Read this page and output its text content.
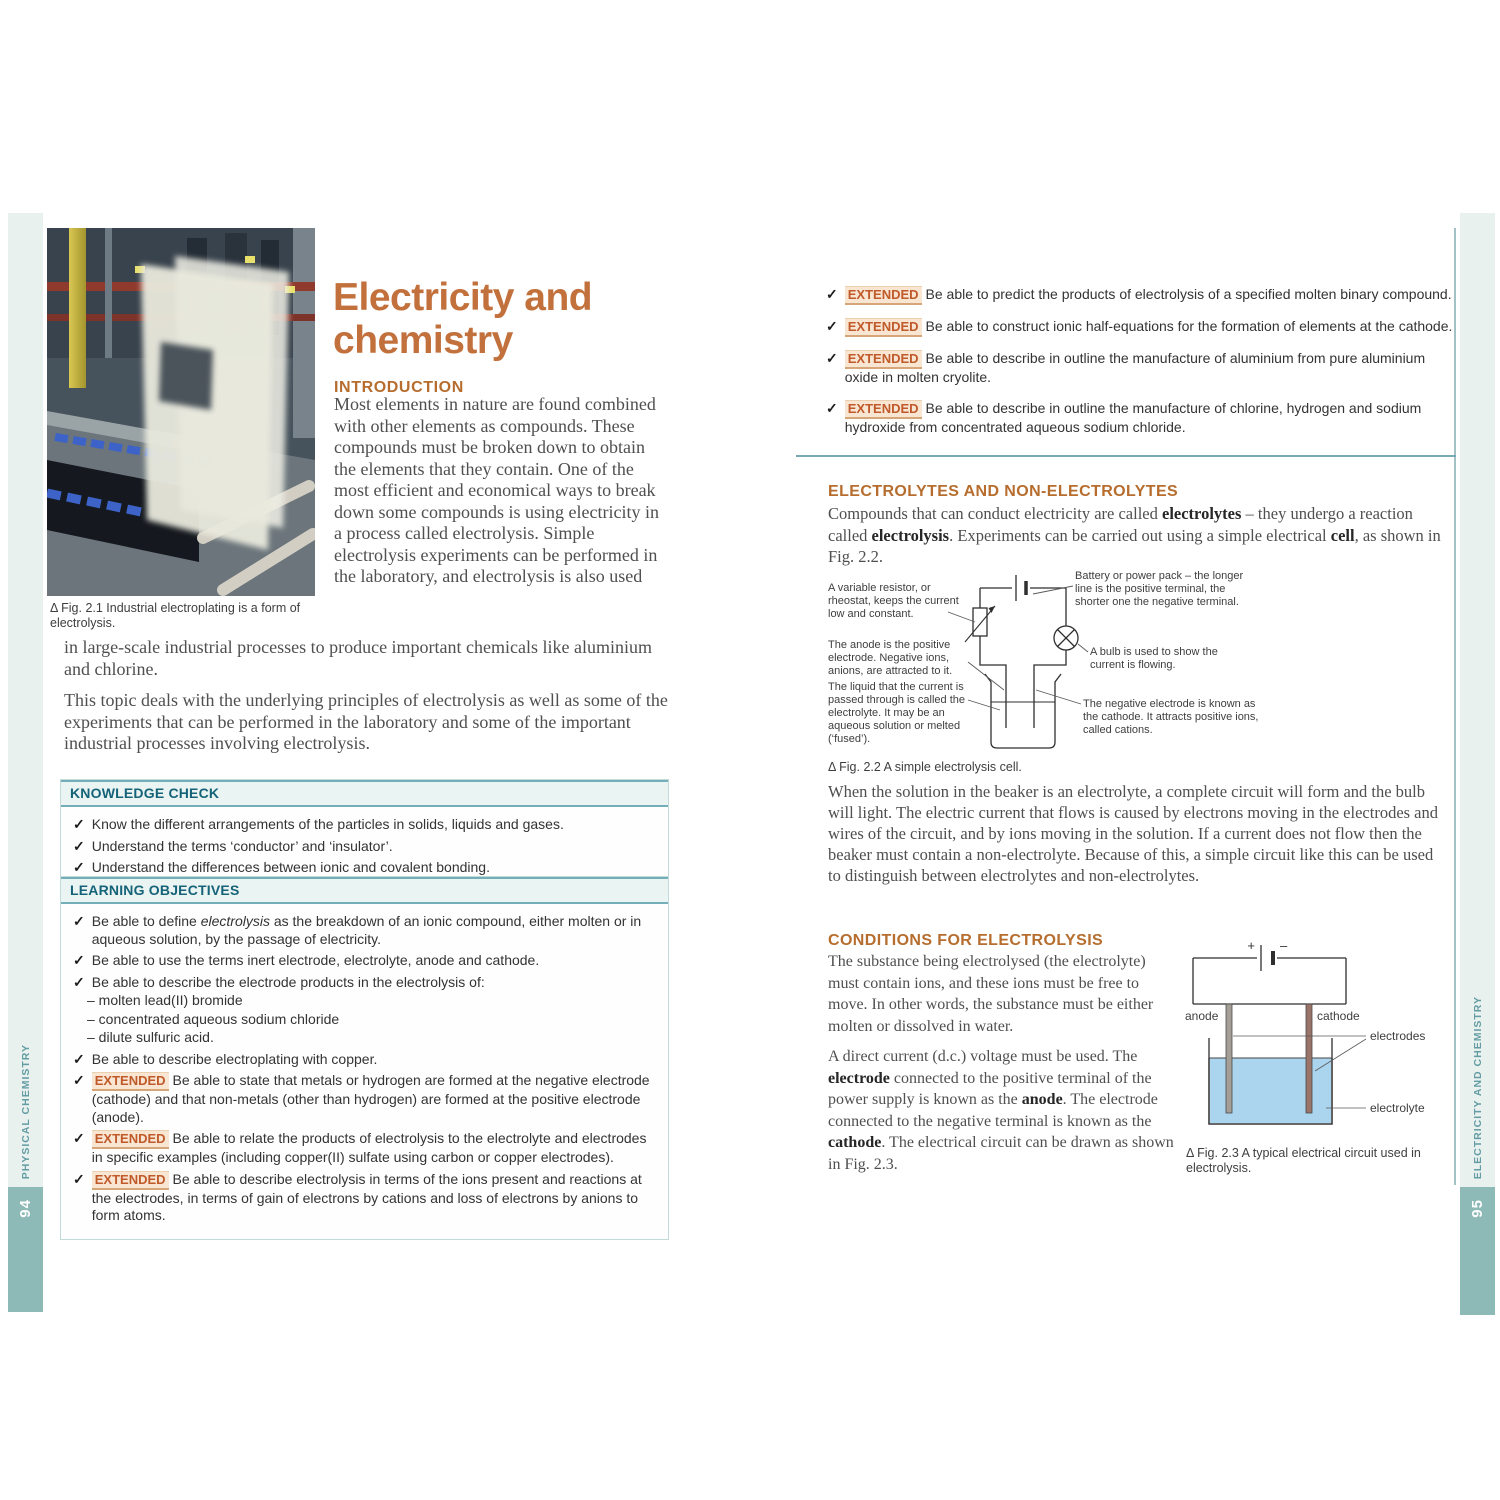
PHYSICAL CHEMISTRY
94
ELECTRICITY AND CHEMISTRY
95
Δ Fig. 2.1 Industrial electroplating is a form of electrolysis.
Electricity and chemistry
INTRODUCTION

Most elements in nature are found combined with other elements as compounds. These compounds must be broken down to obtain the elements that they contain. One of the most efficient and economical ways to break down some compounds is using electricity in a process called electrolysis. Simple electrolysis experiments can be performed in the laboratory, and electrolysis is also used

in large-scale industrial processes to produce important chemicals like aluminium and chlorine.

This topic deals with the underlying principles of electrolysis as well as some of the experiments that can be performed in the laboratory and some of the important industrial processes involving electrolysis.

KNOWLEDGE CHECK
✓ Know the different arrangements of the particles in solids, liquids and gases.
✓ Understand the terms ‘conductor’ and ‘insulator’.
✓ Understand the differences between ionic and covalent bonding.
LEARNING OBJECTIVES
✓ Be able to define electrolysis as the breakdown of an ionic compound, either molten or in aqueous solution, by the passage of electricity.
✓ Be able to use the terms inert electrode, electrolyte, anode and cathode.
✓ Be able to describe the electrode products in the electrolysis of:
– molten lead(II) bromide
– concentrated aqueous sodium chloride
– dilute sulfuric acid.
✓ Be able to describe electroplating with copper.
✓ EXTENDED Be able to state that metals or hydrogen are formed at the negative electrode (cathode) and that non-metals (other than hydrogen) are formed at the positive electrode (anode).
✓ EXTENDED Be able to relate the products of electrolysis to the electrolyte and electrodes in specific examples (including copper(II) sulfate using carbon or copper electrodes).
✓ EXTENDED Be able to describe electrolysis in terms of the ions present and reactions at the electrodes, in terms of gain of electrons by cations and loss of electrons by anions to form atoms.
✓ EXTENDED Be able to predict the products of electrolysis of a specified molten binary compound.
✓ EXTENDED Be able to construct ionic half-equations for the formation of elements at the cathode.
✓ EXTENDED Be able to describe in outline the manufacture of aluminium from pure aluminium oxide in molten cryolite.
✓ EXTENDED Be able to describe in outline the manufacture of chlorine, hydrogen and sodium hydroxide from concentrated aqueous sodium chloride.
ELECTROLYTES AND NON-ELECTROLYTES

Compounds that can conduct electricity are called electrolytes – they undergo a reaction called electrolysis. Experiments can be carried out using a simple electrical cell, as shown in Fig. 2.2.

A variable resistor, or rheostat, keeps the current low and constant.
Battery or power pack – the longer line is the positive terminal, the shorter one the negative terminal.
The anode is the positive electrode. Negative ions, anions, are attracted to it.
A bulb is used to show the current is flowing.
The liquid that the current is passed through is called the electrolyte. It may be an aqueous solution or melted (‘fused’).
The negative electrode is known as the cathode. It attracts positive ions, called cations.
Δ Fig. 2.2 A simple electrolysis cell.

When the solution in the beaker is an electrolyte, a complete circuit will form and the bulb will light. The electric current that flows is caused by electrons moving in the electrodes and wires of the circuit, and by ions moving in the solution. If a current does not flow then the beaker must contain a non-electrolyte. Because of this, a simple circuit like this can be used to distinguish between electrolytes and non-electrolytes.

CONDITIONS FOR ELECTROLYSIS

The substance being electrolysed (the electrolyte) must contain ions, and these ions must be free to move. In other words, the substance must be either molten or dissolved in water.

A direct current (d.c.) voltage must be used. The electrode connected to the positive terminal of the power supply is known as the anode. The electrode connected to the negative terminal is known as the cathode. The electrical circuit can be drawn as shown in Fig. 2.3.

+ –
anode	cathode
electrodes
electrolyte
Δ Fig. 2.3 A typical electrical circuit used in electrolysis.
